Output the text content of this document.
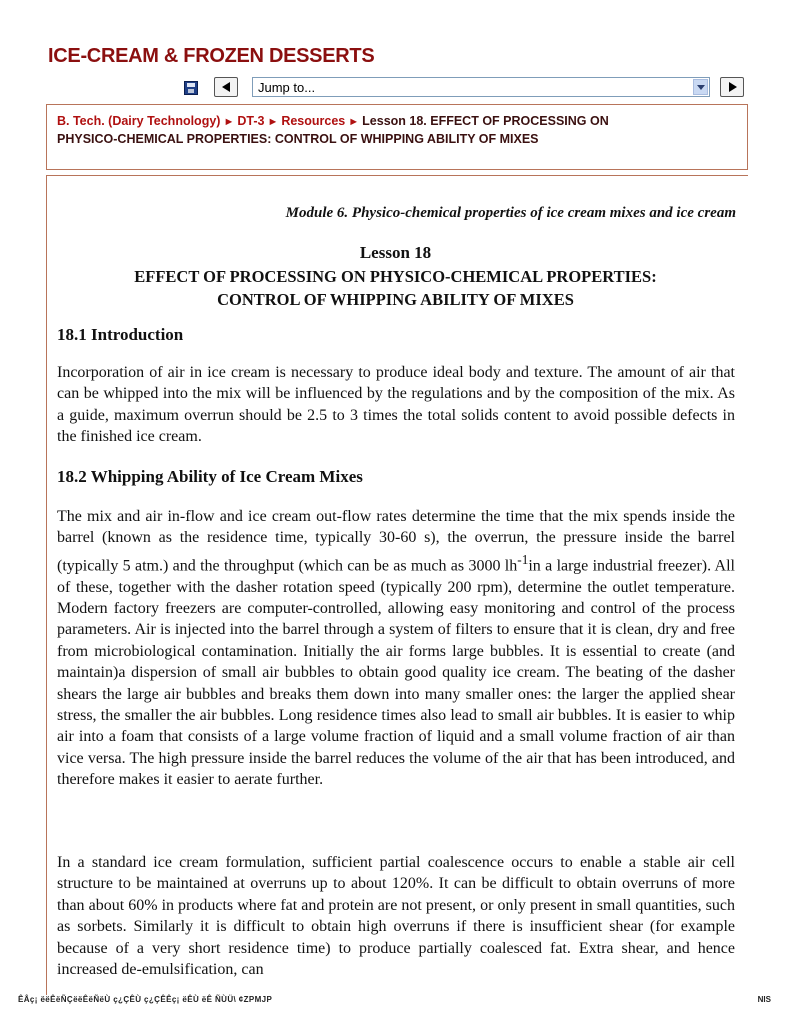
ICE-CREAM & FROZEN DESSERTS
Jump to...
B. Tech. (Dairy Technology) ► DT-3 ► Resources ► Lesson 18. EFFECT OF PROCESSING ON
PHYSICO-CHEMICAL PROPERTIES: CONTROL OF WHIPPING ABILITY OF MIXES
Module 6. Physico-chemical properties of ice cream mixes and ice cream
Lesson 18
EFFECT OF PROCESSING ON PHYSICO-CHEMICAL PROPERTIES:
CONTROL OF WHIPPING ABILITY OF MIXES
18.1 Introduction
Incorporation of air in ice cream is necessary to produce ideal body and texture. The amount of air that can be whipped into the mix will be influenced by the regulations and by the composition of the mix. As a guide, maximum overrun should be 2.5 to 3 times the total solids content to avoid possible defects in the finished ice cream.
18.2 Whipping Ability of Ice Cream Mixes
The mix and air in-flow and ice cream out-flow rates determine the time that the mix spends inside the barrel (known as the residence time, typically 30-60 s), the overrun, the pressure inside the barrel (typically 5 atm.) and the throughput (which can be as much as 3000 $lh^{-1}in$ a large industrial freezer). All of these, together with the dasher rotation speed (typically 200 rpm), determine the outlet temperature. Modern factory freezers are computer-controlled, allowing easy monitoring and control of the process parameters. Air is injected into the barrel through a system of filters to ensure that it is clean, dry and free from microbiological contamination. Initially the air forms large bubbles. It is essential to create (and maintain)a dispersion of small air bubbles to obtain good quality ice cream. The beating of the dasher shears the large air bubbles and breaks them down into many smaller ones: the larger the applied shear stress, the smaller the air bubbles. Long residence times also lead to small air bubbles. It is easier to whip air into a foam that consists of a large volume fraction of liquid and a small volume fraction of air than vice versa. The high pressure inside the barrel reduces the volume of the air that has been introduced, and therefore makes it easier to aerate further.
In a standard ice cream formulation, sufficient partial coalescence occurs to enable a stable air cell structure to be maintained at overruns up to about 120%. It can be difficult to obtain overruns of more than about 60% in products where fat and protein are not present, or only present in small quantities, such as sorbets. Similarly it is difficult to obtain high overruns if there is insufficient shear (for example because of a very short residence time) to produce partially coalesced fat. Extra shear, and hence increased de-emulsification, can
ÊÂç¡ ëëÊëÑÇëëÊëÑëÙ ç¿ÇÊÙ ç¿ÇÊÊç¡ ëÊÙ ëÊ ÑÙÜ\ ¢ZPMJP	NIS
